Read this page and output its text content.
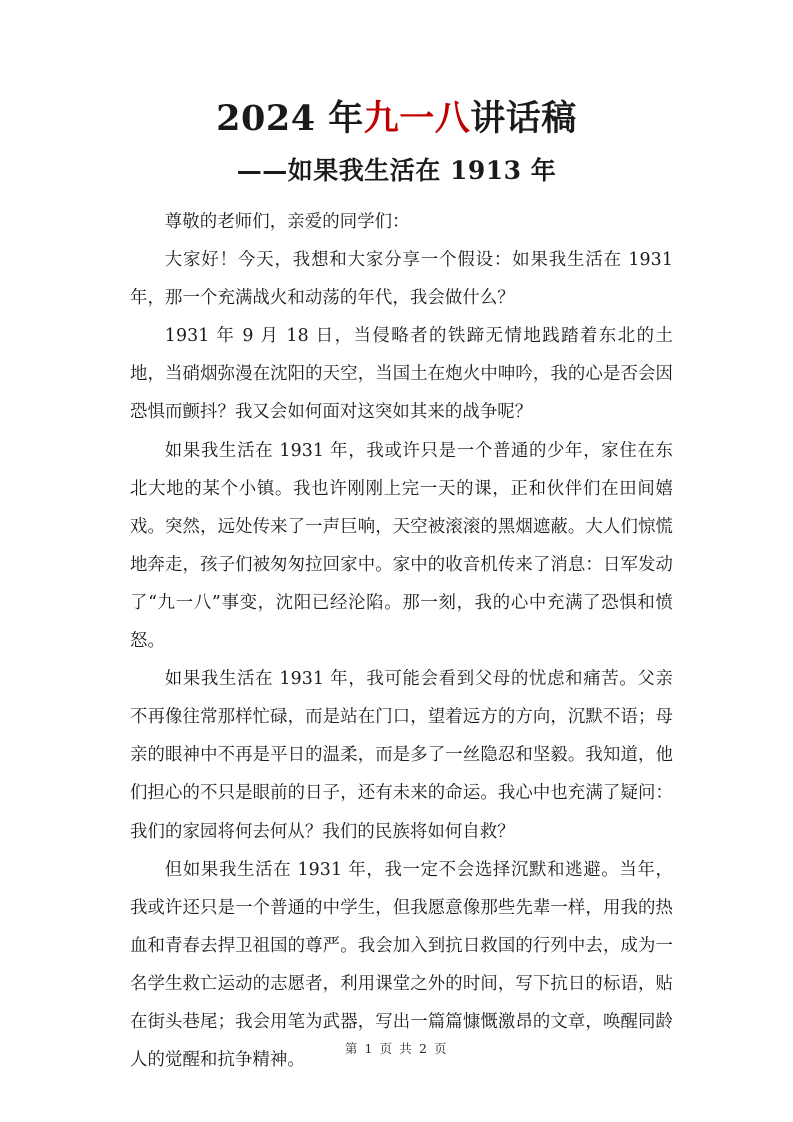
2024 年九一八讲话稿
——如果我生活在 1913 年

尊敬的老师们，亲爱的同学们：

大家好！今天，我想和大家分享一个假设：如果我生活在 1931 年，那一个充满战火和动荡的年代，我会做什么？

1931 年 9 月 18 日，当侵略者的铁蹄无情地践踏着东北的土地，当硝烟弥漫在沈阳的天空，当国土在炮火中呻吟，我的心是否会因恐惧而颤抖？我又会如何面对这突如其来的战争呢？

如果我生活在 1931 年，我或许只是一个普通的少年，家住在东北大地的某个小镇。我也许刚刚上完一天的课，正和伙伴们在田间嬉戏。突然，远处传来了一声巨响，天空被滚滚的黑烟遮蔽。大人们惊慌地奔走，孩子们被匆匆拉回家中。家中的收音机传来了消息：日军发动了“九一八”事变，沈阳已经沦陷。那一刻，我的心中充满了恐惧和愤怒。

如果我生活在 1931 年，我可能会看到父母的忧虑和痛苦。父亲不再像往常那样忙碌，而是站在门口，望着远方的方向，沉默不语；母亲的眼神中不再是平日的温柔，而是多了一丝隐忍和坚毅。我知道，他们担心的不只是眼前的日子，还有未来的命运。我心中也充满了疑问：我们的家园将何去何从？我们的民族将如何自救？

但如果我生活在 1931 年，我一定不会选择沉默和逃避。当年，我或许还只是一个普通的中学生，但我愿意像那些先辈一样，用我的热血和青春去捍卫祖国的尊严。我会加入到抗日救国的行列中去，成为一名学生救亡运动的志愿者，利用课堂之外的时间，写下抗日的标语，贴在街头巷尾；我会用笔为武器，写出一篇篇慷慨激昂的文章，唤醒同龄人的觉醒和抗争精神。

第 1 页 共 2 页
